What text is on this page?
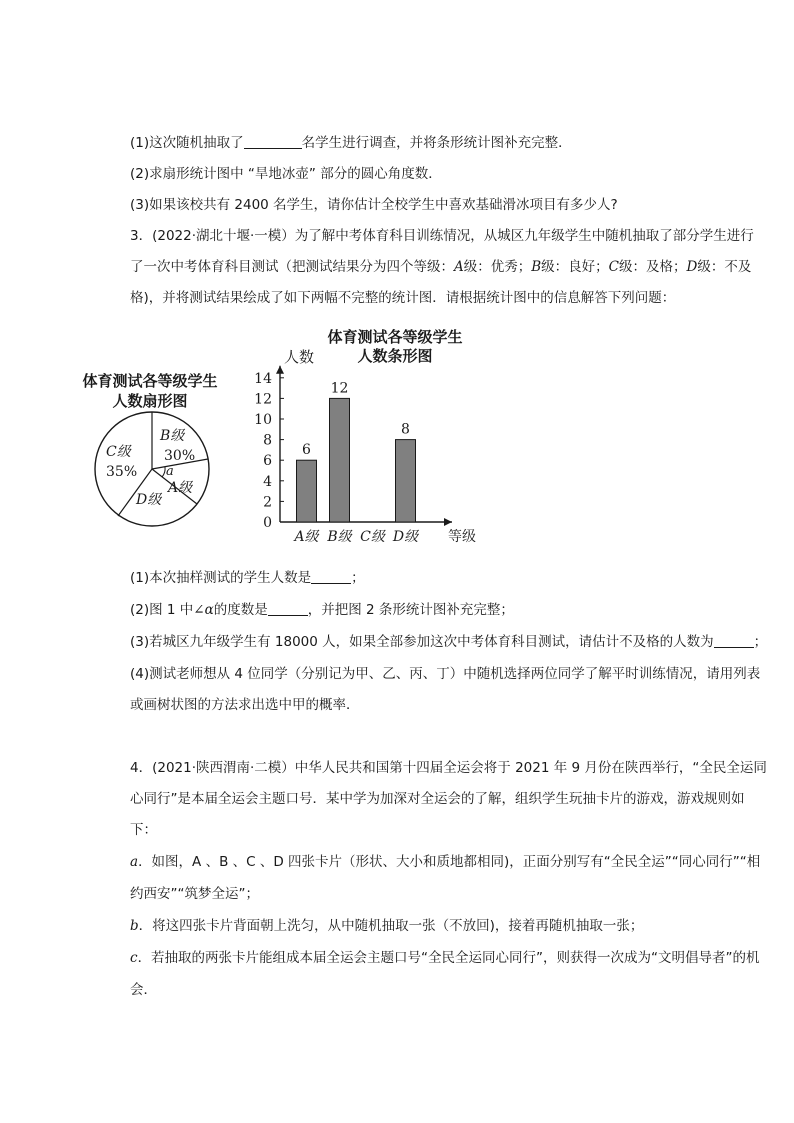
(1)这次随机抽取了	名学生进行调查，并将条形统计图补充完整．
(2)求扇形统计图中 “旱地冰壶” 部分的圆心角度数．
(3)如果该校共有 2400 名学生，请你估计全校学生中喜欢基础滑冰项目有多少人?
3．(2022·湖北十堰·一模）为了解中考体育科目训练情况，从城区九年级学生中随机抽取了部分学生进行
了一次中考体育科目测试（把测试结果分为四个等级：A级：优秀；B级：良好；C级：及格；D级：不及
格)，并将测试结果绘成了如下两幅不完整的统计图．请根据统计图中的信息解答下列问题：
体育测试各等级学生
人数扇形图
B级
30%
C级
35% a
A级
D级
体育测试各等级学生
人数条形图
人数
0
2
4
6
8
10
12
14
6
A级
12
B级 C级
8
D级 等级
(1)本次抽样测试的学生人数是	；
(2)图 1 中∠α的度数是	，并把图 2 条形统计图补充完整；
(3)若城区九年级学生有 18000 人，如果全部参加这次中考体育科目测试，请估计不及格的人数为	；
(4)测试老师想从 4 位同学（分别记为甲、乙、丙、丁）中随机选择两位同学了解平时训练情况，请用列表
或画树状图的方法求出选中甲的概率．
4．(2021·陕西渭南·二模）中华人民共和国第十四届全运会将于 2021 年 9 月份在陕西举行，“全民全运同
心同行”是本届全运会主题口号．某中学为加深对全运会的了解，组织学生玩抽卡片的游戏，游戏规则如
下：
a．如图，A 、B 、C 、D 四张卡片（形状、大小和质地都相同)，正面分别写有“全民全运”“同心同行”“相
约西安”“筑梦全运”；
b．将这四张卡片背面朝上洗匀，从中随机抽取一张（不放回)，接着再随机抽取一张；
c．若抽取的两张卡片能组成本届全运会主题口号“全民全运同心同行”，则获得一次成为“文明倡导者”的机
会．
